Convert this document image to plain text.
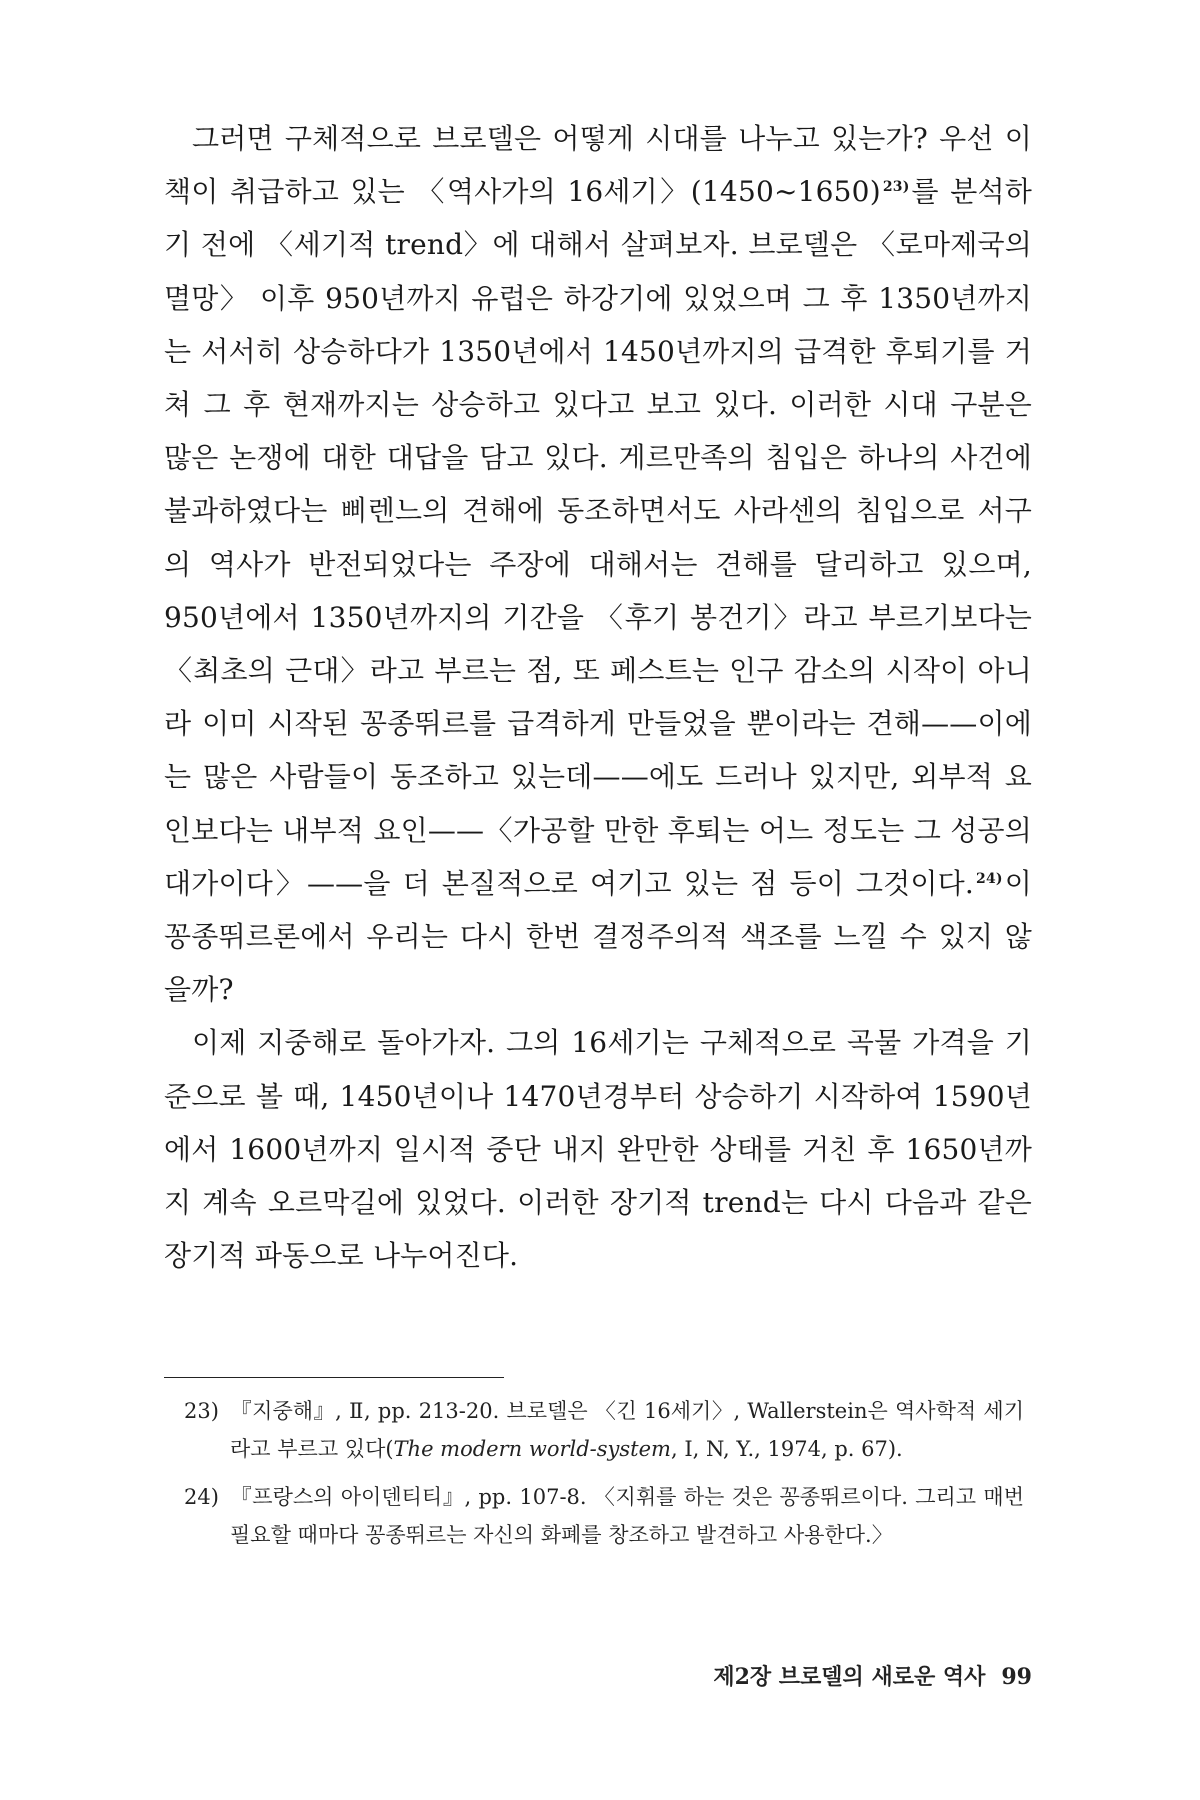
그러면 구체적으로 브로델은 어떻게 시대를 나누고 있는가? 우선 이 책이 취급하고 있는 〈역사가의 16세기〉(1450~1650) $^{23)}$를 분석하기 전에 〈세기적 trend〉에 대해서 살펴보자. 브로델은 〈로마제국의 멸망〉 이후 950년까지 유럽은 하강기에 있었으며 그 후 1350년까지는 서서히 상승하다가 1350년에서 1450년까지의 급격한 후퇴기를 거쳐 그 후 현재까지는 상승하고 있다고 보고 있다. 이러한 시대 구분은 많은 논쟁에 대한 대답을 담고 있다. 게르만족의 침입은 하나의 사건에 불과하였다는 삐렌느의 견해에 동조하면서도 사라센의 침입으로 서구의 역사가 반전되었다는 주장에 대해서는 견해를 달리하고 있으며, 950년에서 1350년까지의 기간을 〈후기 봉건기〉라고 부르기보다는 〈최초의 근대〉라고 부르는 점, 또 페스트는 인구 감소의 시작이 아니라 이미 시작된 꽁종뛰르를 급격하게 만들었을 뿐이라는 견해——이에는 많은 사람들이 동조하고 있는데——에도 드러나 있지만, 외부적 요인보다는 내부적 요인——〈가공할 만한 후퇴는 어느 정도는 그 성공의 대가이다〉——을 더 본질적으로 여기고 있는 점 등이 그것이다. $^{24)}$이 꽁종뛰르론에서 우리는 다시 한번 결정주의적 색조를 느낄 수 있지 않을까?

이제 지중해로 돌아가자. 그의 16세기는 구체적으로 곡물 가격을 기준으로 볼 때, 1450년이나 1470년경부터 상승하기 시작하여 1590년에서 1600년까지 일시적 중단 내지 완만한 상태를 거친 후 1650년까지 계속 오르막길에 있었다. 이러한 장기적 trend는 다시 다음과 같은 장기적 파동으로 나누어진다.

23) 『지중해』, Ⅱ, pp. 213-20. 브로델은 〈긴 16세기〉, Wallerstein은 역사학적 세기라고 부르고 있다(The modern world-system, I, N, Y., 1974, p. 67).

24) 『프랑스의 아이덴티티』, pp. 107-8. 〈지휘를 하는 것은 꽁종뛰르이다. 그리고 매번 필요할 때마다 꽁종뛰르는 자신의 화폐를 창조하고 발견하고 사용한다.〉

제2장 브로델의 새로운 역사 99
